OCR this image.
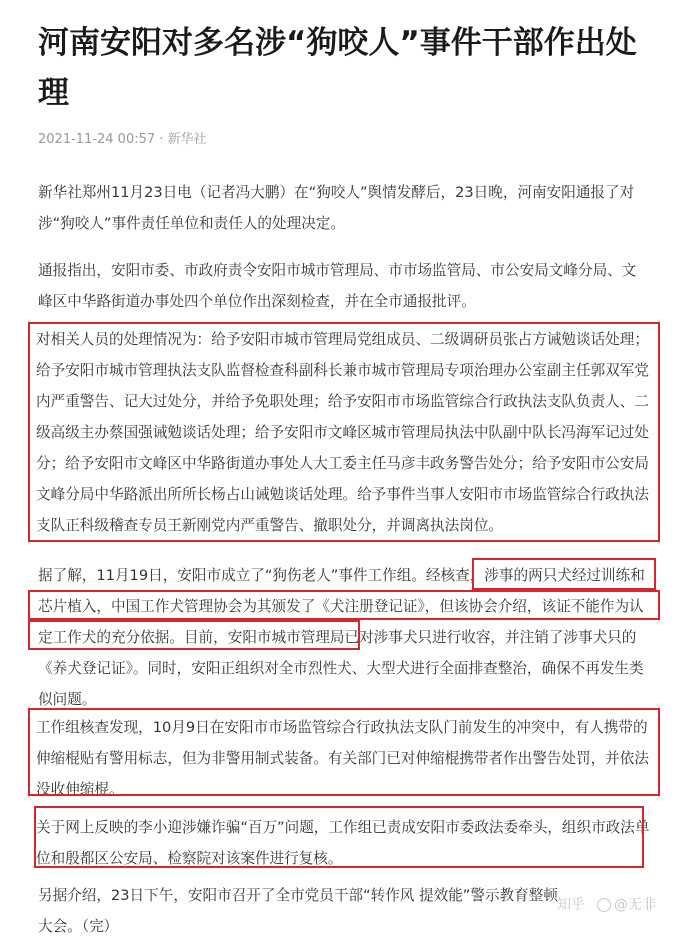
河南安阳对多名涉“狗咬人”事件干部作出处理
2021-11-24 00:57 · 新华社

新华社郑州11月23日电（记者冯大鹏）在“狗咬人”舆情发酵后，23日晚，河南安阳通报了对涉“狗咬人”事件责任单位和责任人的处理决定。

通报指出，安阳市委、市政府责令安阳市城市管理局、市市场监管局、市公安局文峰分局、文峰区中华路街道办事处四个单位作出深刻检查，并在全市通报批评。

对相关人员的处理情况为：给予安阳市城市管理局党组成员、二级调研员张占方诫勉谈话处理；给予安阳市城市管理执法支队监督检查科副科长兼市城市管理局专项治理办公室副主任郭双军党内严重警告、记大过处分，并给予免职处理；给予安阳市市场监管综合行政执法支队负责人、二级高级主办蔡国强诫勉谈话处理；给予安阳市文峰区城市管理局执法中队副中队长冯海军记过处分；给予安阳市文峰区中华路街道办事处人大工委主任马彦丰政务警告处分；给予安阳市公安局文峰分局中华路派出所所长杨占山诫勉谈话处理。给予事件当事人安阳市市场监管综合行政执法支队正科级稽查专员王新刚党内严重警告、撤职处分，并调离执法岗位。

据了解，11月19日，安阳市成立了“狗伤老人”事件工作组。经核查，涉事的两只犬经过训练和芯片植入，中国工作犬管理协会为其颁发了《犬注册登记证》，但该协会介绍，该证不能作为认定工作犬的充分依据。目前，安阳市城市管理局已对涉事犬只进行收容，并注销了涉事犬只的《养犬登记证》。同时，安阳正组织对全市烈性犬、大型犬进行全面排查整治，确保不再发生类似问题。

工作组核查发现，10月9日在安阳市市场监管综合行政执法支队门前发生的冲突中，有人携带的伸缩棍贴有警用标志，但为非警用制式装备。有关部门已对伸缩棍携带者作出警告处罚，并依法没收伸缩棍。

关于网上反映的李小迎涉嫌诈骗“百万”问题，工作组已责成安阳市委政法委牵头，组织市政法单位和殷都区公安局、检察院对该案件进行复核。

另据介绍，23日下午，安阳市召开了全市党员干部“转作风 提效能”警示教育整顿大会。（完）

知乎 @无非
